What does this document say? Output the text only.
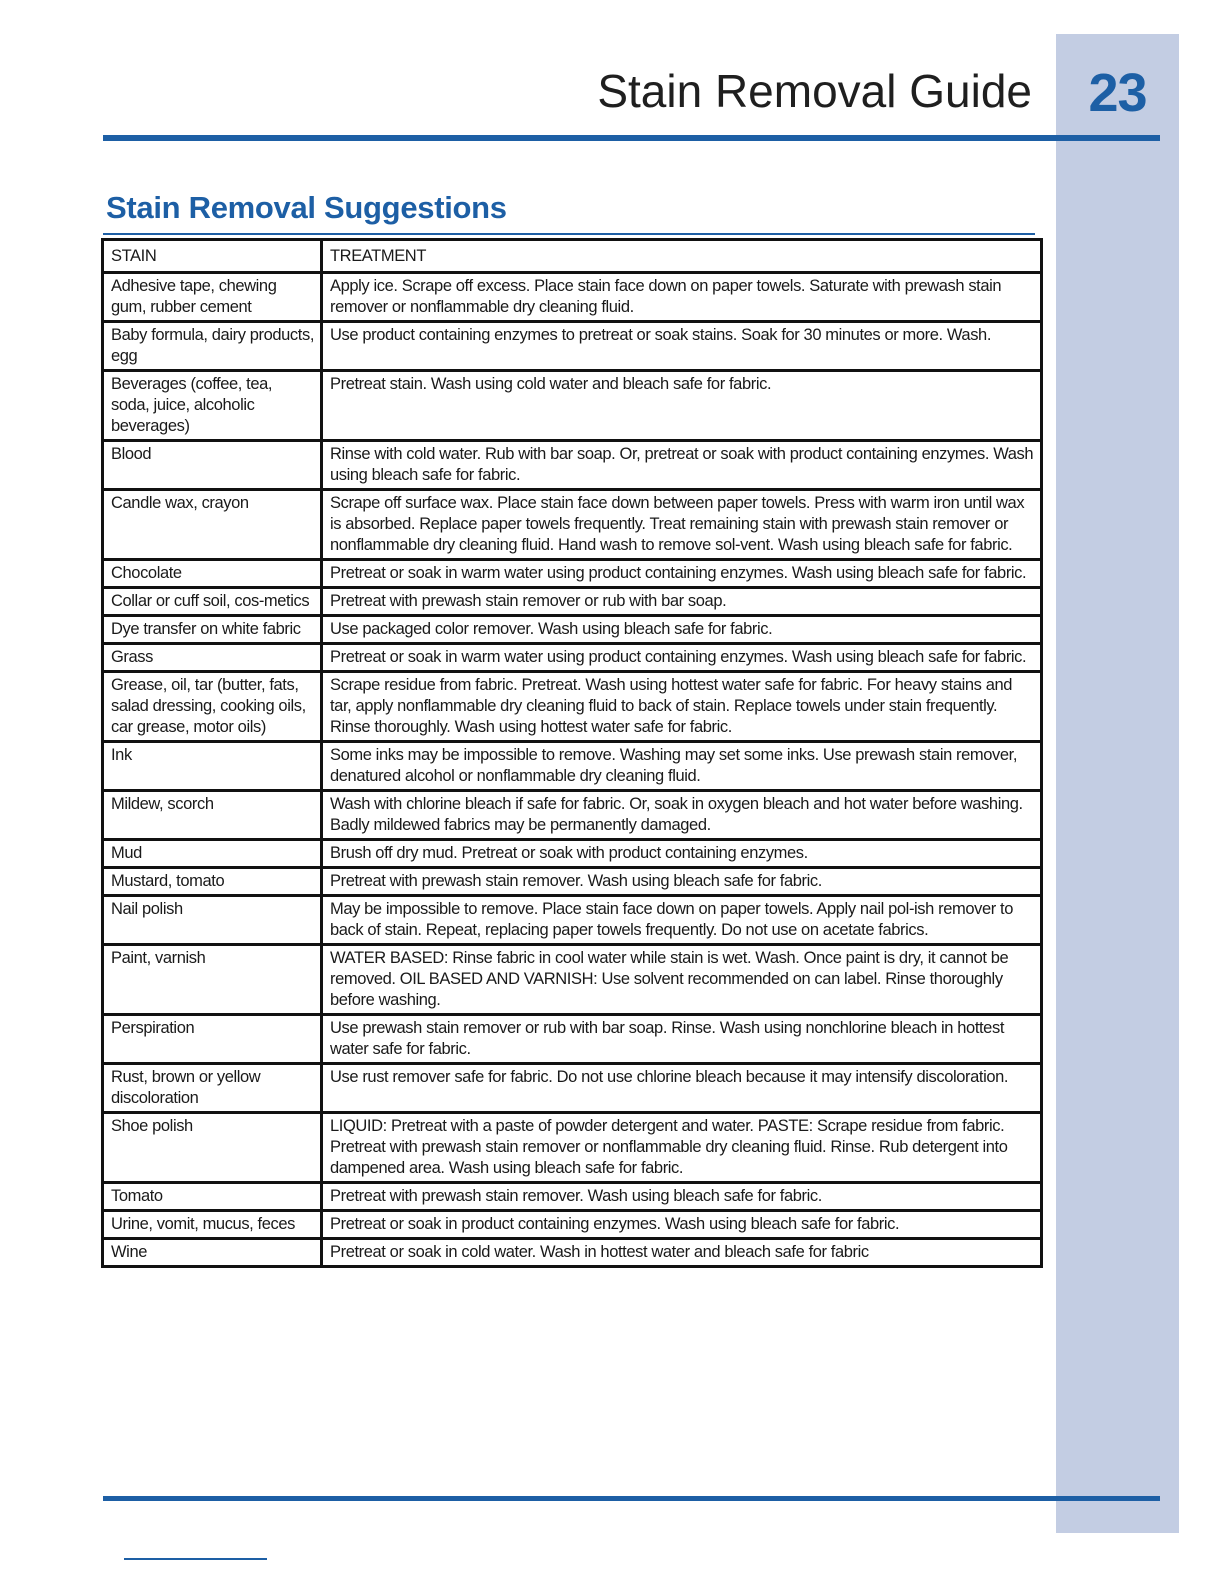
23
Stain Removal Guide
Stain Removal Suggestions
STAIN	TREATMENT
Adhesive tape, chewing gum, rubber cement	Apply ice. Scrape off excess. Place stain face down on paper towels. Saturate with prewash stain remover or nonflammable dry cleaning fluid.
Baby formula, dairy products, egg	Use product containing enzymes to pretreat or soak stains. Soak for 30 minutes or more. Wash.
Beverages (coffee, tea, soda, juice, alcoholic beverages)	Pretreat stain. Wash using cold water and bleach safe for fabric.
Blood	Rinse with cold water. Rub with bar soap. Or, pretreat or soak with product containing enzymes. Wash using bleach safe for fabric.
Candle wax, crayon	Scrape off surface wax. Place stain face down between paper towels. Press with warm iron until wax is absorbed. Replace paper towels frequently. Treat remaining stain with prewash stain remover or nonflammable dry cleaning fluid. Hand wash to remove sol-vent. Wash using bleach safe for fabric.
Chocolate	Pretreat or soak in warm water using product containing enzymes. Wash using bleach safe for fabric.
Collar or cuff soil, cos-metics	Pretreat with prewash stain remover or rub with bar soap.
Dye transfer on white fabric	Use packaged color remover. Wash using bleach safe for fabric.
Grass	Pretreat or soak in warm water using product containing enzymes. Wash using bleach safe for fabric.
Grease, oil, tar (butter, fats, salad dressing, cooking oils, car grease, motor oils)	Scrape residue from fabric. Pretreat. Wash using hottest water safe for fabric. For heavy stains and tar, apply nonflammable dry cleaning fluid to back of stain. Replace towels under stain frequently. Rinse thoroughly. Wash using hottest water safe for fabric.
Ink	Some inks may be impossible to remove. Washing may set some inks. Use prewash stain remover, denatured alcohol or nonflammable dry cleaning fluid.
Mildew, scorch	Wash with chlorine bleach if safe for fabric. Or, soak in oxygen bleach and hot water before washing. Badly mildewed fabrics may be permanently damaged.
Mud	Brush off dry mud. Pretreat or soak with product containing enzymes.
Mustard, tomato	Pretreat with prewash stain remover. Wash using bleach safe for fabric.
Nail polish	May be impossible to remove. Place stain face down on paper towels. Apply nail pol-ish remover to back of stain. Repeat, replacing paper towels frequently. Do not use on acetate fabrics.
Paint, varnish	WATER BASED: Rinse fabric in cool water while stain is wet. Wash. Once paint is dry, it cannot be removed. OIL BASED AND VARNISH: Use solvent recommended on can label. Rinse thoroughly before washing.
Perspiration	Use prewash stain remover or rub with bar soap. Rinse. Wash using nonchlorine bleach in hottest water safe for fabric.
Rust, brown or yellow discoloration	Use rust remover safe for fabric. Do not use chlorine bleach because it may intensify discoloration.
Shoe polish	LIQUID: Pretreat with a paste of powder detergent and water. PASTE: Scrape residue from fabric. Pretreat with prewash stain remover or nonflammable dry cleaning fluid. Rinse. Rub detergent into dampened area. Wash using bleach safe for fabric.
Tomato	Pretreat with prewash stain remover. Wash using bleach safe for fabric.
Urine, vomit, mucus, feces	Pretreat or soak in product containing enzymes. Wash using bleach safe for fabric.
Wine	Pretreat or soak in cold water. Wash in hottest water and bleach safe for fabric
